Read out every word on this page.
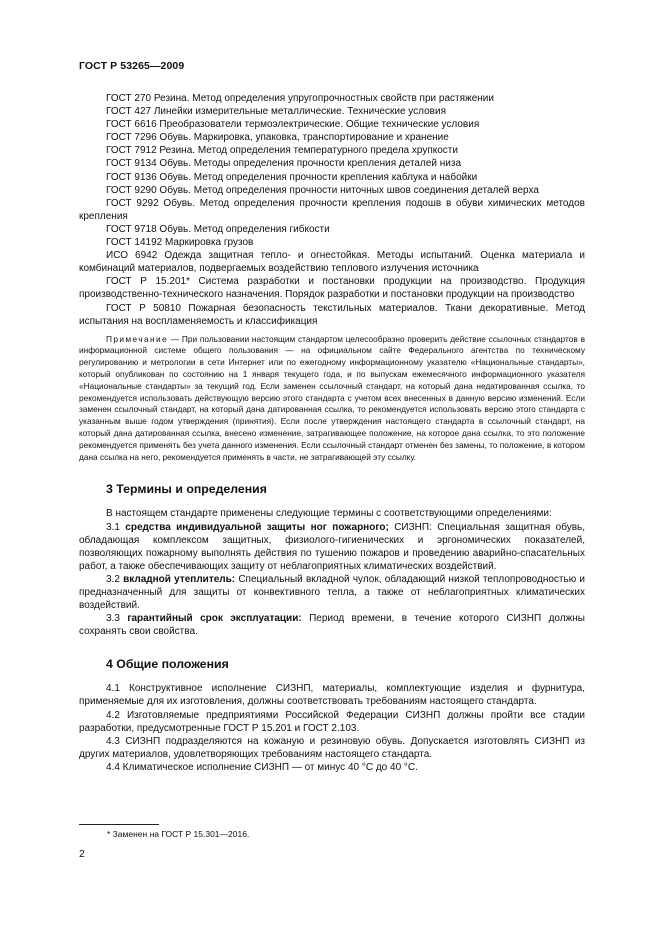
ГОСТ Р 53265—2009

ГОСТ 270 Резина. Метод определения упругопрочностных свойств при растяжении

ГОСТ 427 Линейки измерительные металлические. Технические условия

ГОСТ 6616 Преобразователи термоэлектрические. Общие технические условия

ГОСТ 7296 Обувь. Маркировка, упаковка, транспортирование и хранение

ГОСТ 7912 Резина. Метод определения температурного предела хрупкости

ГОСТ 9134 Обувь. Методы определения прочности крепления деталей низа

ГОСТ 9136 Обувь. Метод определения прочности крепления каблука и набойки

ГОСТ 9290 Обувь. Метод определения прочности ниточных швов соединения деталей верха

ГОСТ 9292 Обувь. Метод определения прочности крепления подошв в обуви химических методов крепления

ГОСТ 9718 Обувь. Метод определения гибкости

ГОСТ 14192 Маркировка грузов

ИСО 6942 Одежда защитная тепло- и огнестойкая. Методы испытаний. Оценка материала и комбинаций материалов, подвергаемых воздействию теплового излучения источника

ГОСТ Р 15.201* Система разработки и постановки продукции на производство. Продукция производственно-технического назначения. Порядок разработки и постановки продукции на производство

ГОСТ Р 50810 Пожарная безопасность текстильных материалов. Ткани декоративные. Метод испытания на воспламеняемость и классификация

Примечание — При пользовании настоящим стандартом целесообразно проверить действие ссылочных стандартов в информационной системе общего пользования — на официальном сайте Федерального агентства по техническому регулированию и метрологии в сети Интернет или по ежегодному информационному указателю «Национальные стандарты», который опубликован по состоянию на 1 января текущего года, и по выпускам ежемесячного информационного указателя «Национальные стандарты» за текущий год. Если заменен ссылочный стандарт, на который дана недатированная ссылка, то рекомендуется использовать действующую версию этого стандарта с учетом всех внесенных в данную версию изменений. Если заменен ссылочный стандарт, на который дана датированная ссылка, то рекомендуется использовать версию этого стандарта с указанным выше годом утверждения (принятия). Если после утверждения настоящего стандарта в ссылочный стандарт, на который дана датированная ссылка, внесено изменение, затрагивающее положение, на которое дана ссылка, то это положение рекомендуется применять без учета данного изменения. Если ссылочный стандарт отменен без замены, то положение, в котором дана ссылка на него, рекомендуется применять в части, не затрагивающей эту ссылку.

3 Термины и определения

В настоящем стандарте применены следующие термины с соответствующими определениями:

3.1 средства индивидуальной защиты ног пожарного; СИЗНП: Специальная защитная обувь, обладающая комплексом защитных, физиолого-гигиенических и эргономических показателей, позволяющих пожарному выполнять действия по тушению пожаров и проведению аварийно-спасательных работ, а также обеспечивающих защиту от неблагоприятных климатических воздействий.

3.2 вкладной утеплитель: Специальный вкладной чулок, обладающий низкой теплопроводностью и предназначенный для защиты от конвективного тепла, а также от неблагоприятных климатических воздействий.

3.3 гарантийный срок эксплуатации: Период времени, в течение которого СИЗНП должны сохранять свои свойства.

4 Общие положения

4.1 Конструктивное исполнение СИЗНП, материалы, комплектующие изделия и фурнитура, применяемые для их изготовления, должны соответствовать требованиям настоящего стандарта.

4.2 Изготовляемые предприятиями Российской Федерации СИЗНП должны пройти все стадии разработки, предусмотренные ГОСТ Р 15.201 и ГОСТ 2.103.

4.3 СИЗНП подразделяются на кожаную и резиновую обувь. Допускается изготовлять СИЗНП из других материалов, удовлетворяющих требованиям настоящего стандарта.

4.4 Климатическое исполнение СИЗНП — от минус 40 °С до 40 °С.

* Заменен на ГОСТ Р 15.301—2016.
2
